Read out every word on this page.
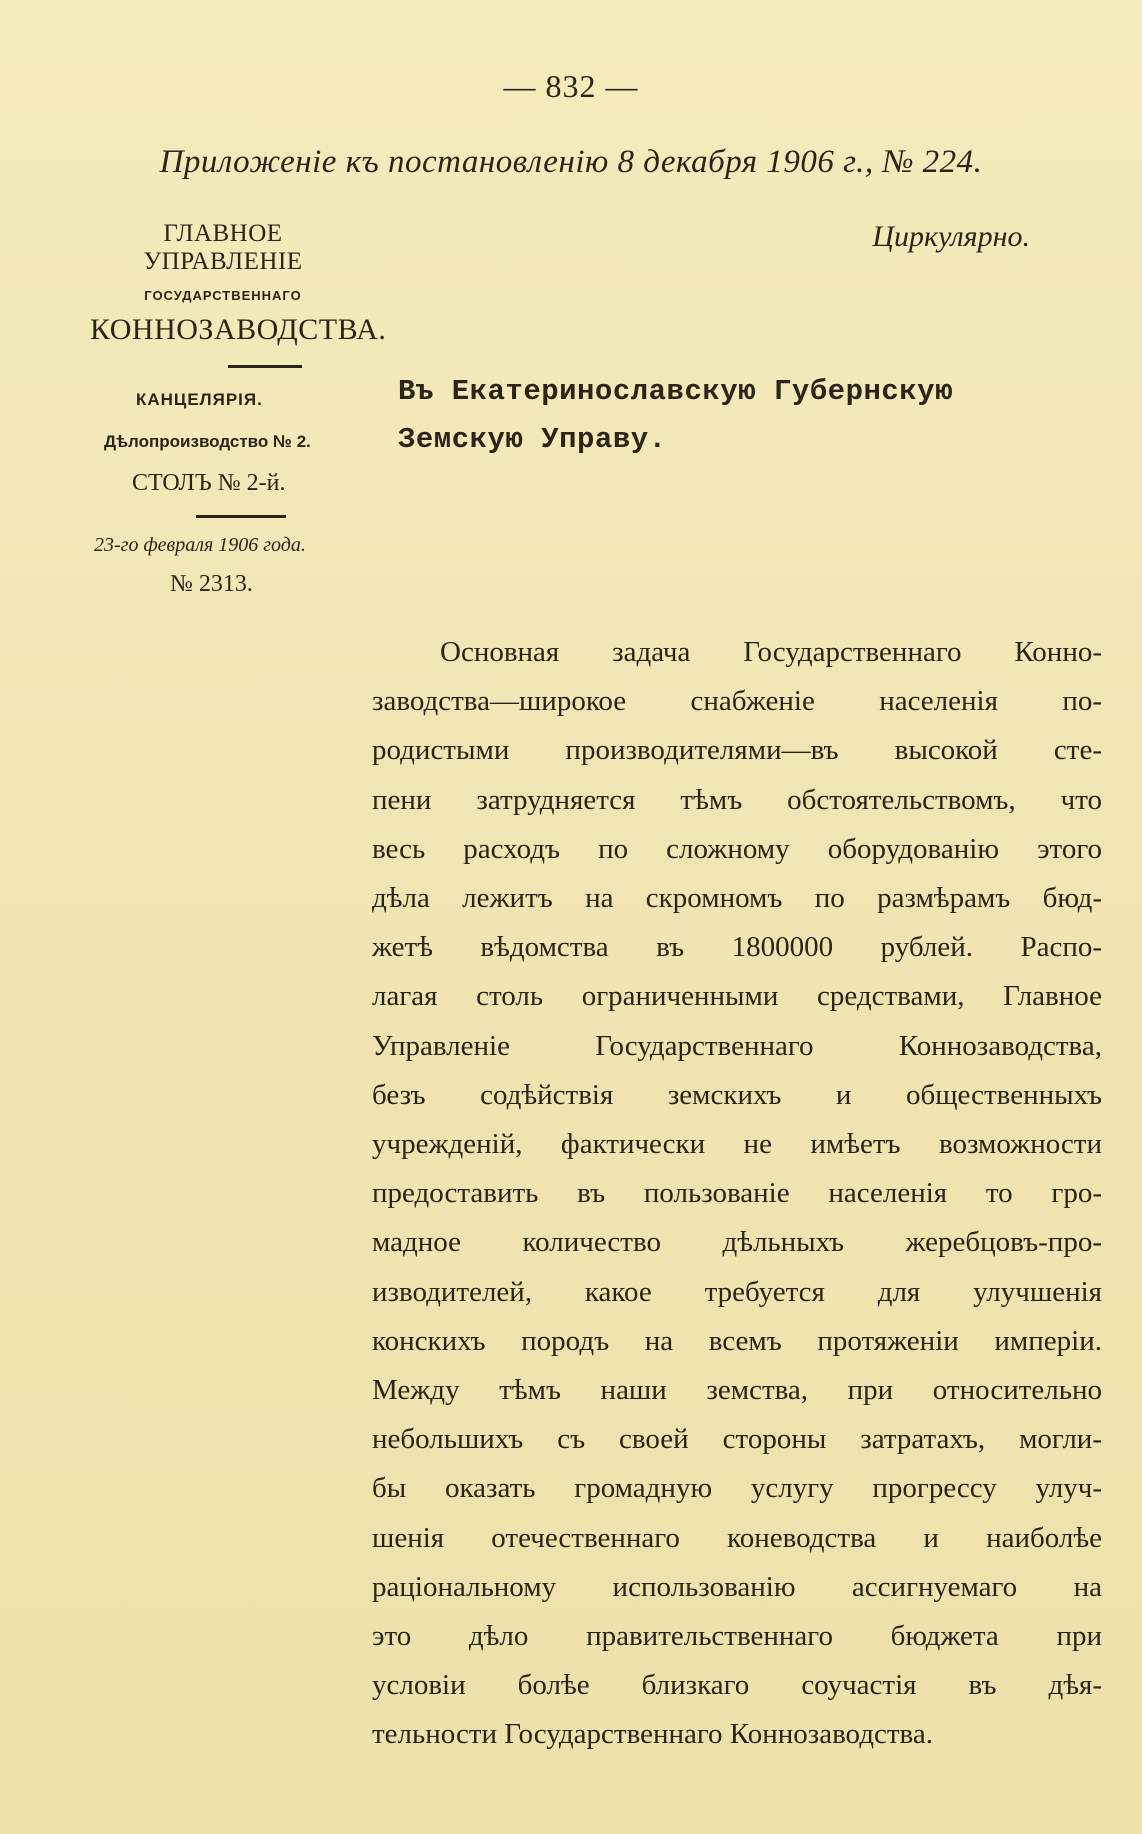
— 832 —
Приложеніе къ постановленію 8 декабря 1906 г., № 224.
ГЛАВНОЕ УПРАВЛЕНІЕ
ГОСУДАРСТВЕННАГО
КОННОЗАВОДСТВА.
КАНЦЕЛЯРІЯ.
Дѣлопроизводство № 2.
СТОЛЪ № 2-й.
23-го февраля 1906 года.
№ 2313.
Циркулярно.
Въ Екатеринославскую Губернскую
Земскую Управу.
Основная задача Государственнаго Конно-
заводства—широкое снабженіе населенія по-
родистыми производителями—въ высокой сте-
пени затрудняется тѣмъ обстоятельствомъ, что
весь расходъ по сложному оборудованію этого
дѣла лежитъ на скромномъ по размѣрамъ бюд-
жетѣ вѣдомства въ 1800000 рублей. Распо-
лагая столь ограниченными средствами, Главное
Управленіе Государственнаго Коннозаводства,
безъ содѣйствія земскихъ и общественныхъ
учрежденій, фактически не имѣетъ возможности
предоставить въ пользованіе населенія то гро-
мадное количество дѣльныхъ жеребцовъ-про-
изводителей, какое требуется для улучшенія
конскихъ породъ на всемъ протяженіи имперіи.
Между тѣмъ наши земства, при относительно
небольшихъ съ своей стороны затратахъ, могли-
бы оказать громадную услугу прогрессу улуч-
шенія отечественнаго коневодства и наиболѣе
раціональному использованію ассигнуемаго на
это дѣло правительственнаго бюджета при
условіи болѣе близкаго соучастія въ дѣя-
тельности Государственнаго Коннозаводства.
